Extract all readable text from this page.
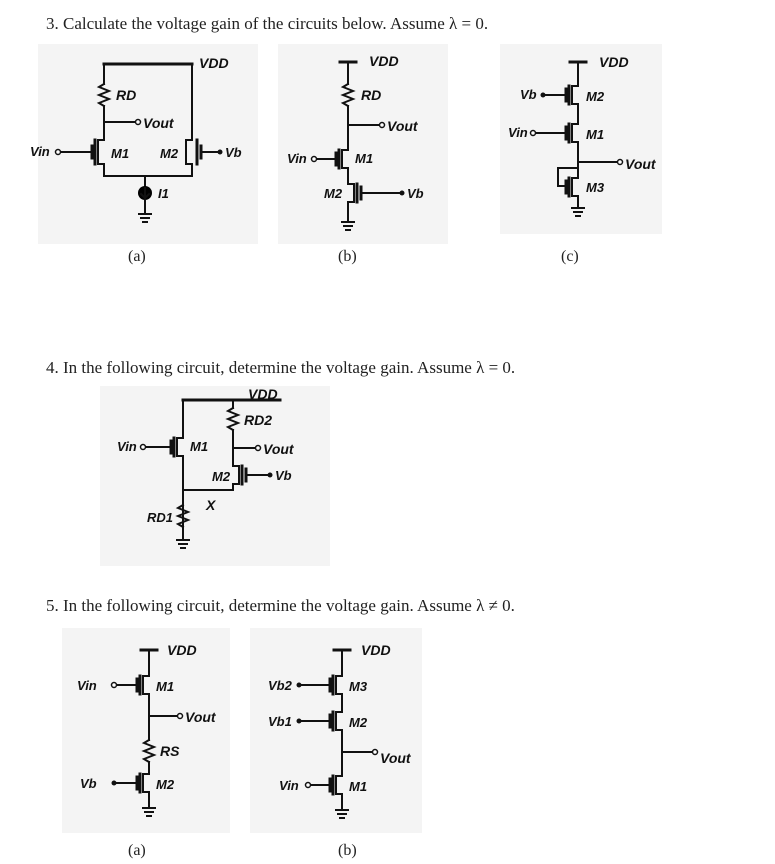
3. Calculate the voltage gain of the circuits below. Assume λ = 0.

VDD
RD
Vout
Vin	M1 M2	Vb
I1
VDD
RD
Vout
Vin	M1
M2	Vb
VDD
Vb	M2
Vin	M1
Vout
M3
VDD
RD2
Vin	M1	Vout
M2	Vb
X
RD1
VDD
Vin	M1
Vout
RS
Vb	M2
VDD
Vb2	M3
Vb1	M2
Vout
Vin	M1
(a)	(b)	(c)

4. In the following circuit, determine the voltage gain. Assume λ = 0.

5. In the following circuit, determine the voltage gain. Assume λ ≠ 0.

(a)	(b)
